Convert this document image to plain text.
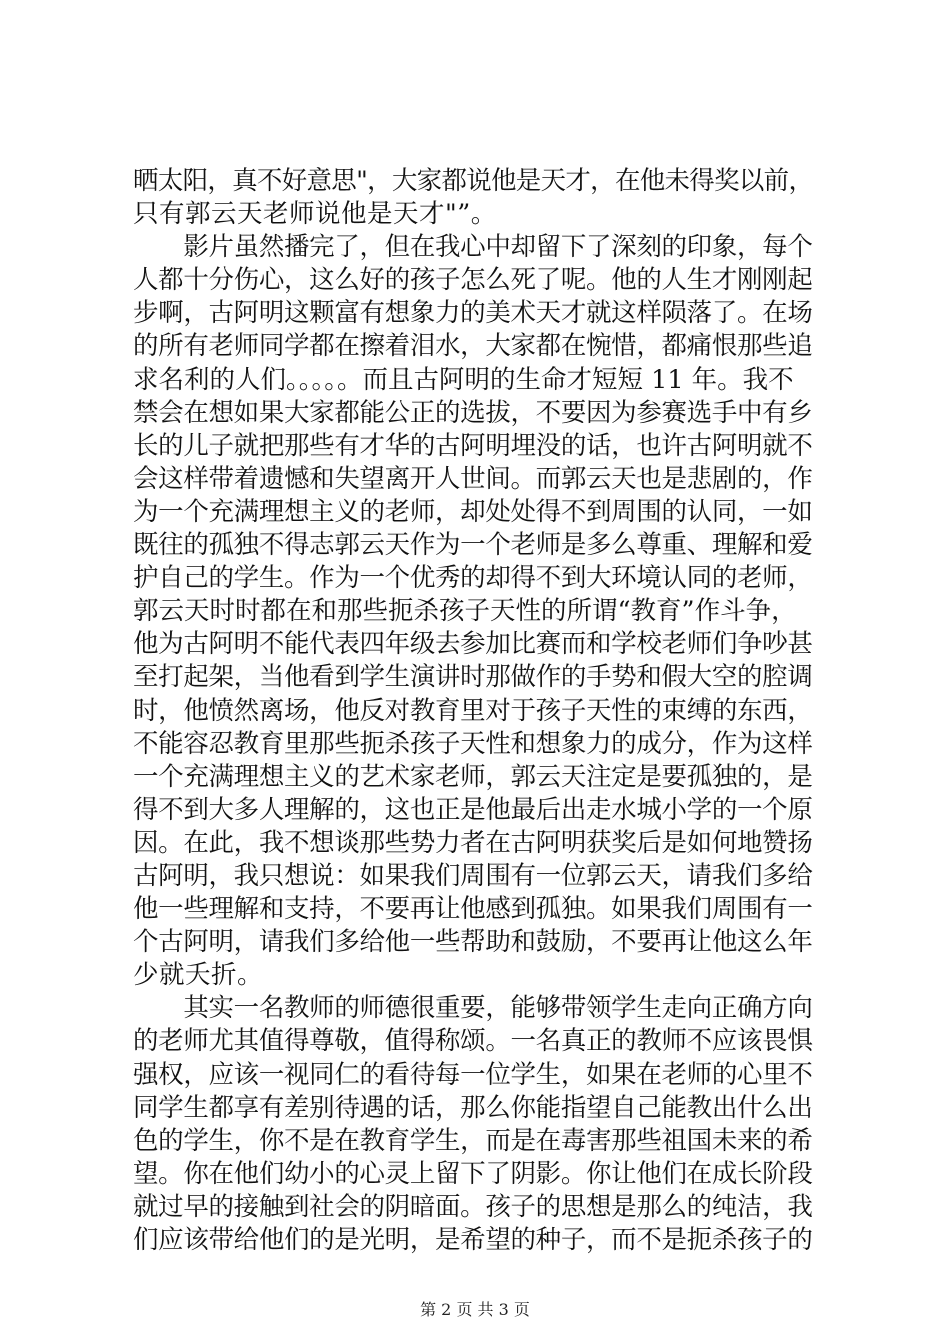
晒太阳，真不好意思"，大家都说他是天才，在他未得奖以前，
只有郭云天老师说他是天才"”。
　　影片虽然播完了，但在我心中却留下了深刻的印象，每个
人都十分伤心，这么好的孩子怎么死了呢。他的人生才刚刚起
步啊，古阿明这颗富有想象力的美术天才就这样陨落了。在场
的所有老师同学都在擦着泪水，大家都在惋惜，都痛恨那些追
求名利的人们。。。。。而且古阿明的生命才短短 11 年。我不
禁会在想如果大家都能公正的选拔，不要因为参赛选手中有乡
长的儿子就把那些有才华的古阿明埋没的话，也许古阿明就不
会这样带着遗憾和失望离开人世间。而郭云天也是悲剧的，作
为一个充满理想主义的老师，却处处得不到周围的认同，一如
既往的孤独不得志郭云天作为一个老师是多么尊重、理解和爱
护自己的学生。作为一个优秀的却得不到大环境认同的老师，
郭云天时时都在和那些扼杀孩子天性的所谓“教育”作斗争，
他为古阿明不能代表四年级去参加比赛而和学校老师们争吵甚
至打起架，当他看到学生演讲时那做作的手势和假大空的腔调
时，他愤然离场，他反对教育里对于孩子天性的束缚的东西，
不能容忍教育里那些扼杀孩子天性和想象力的成分，作为这样
一个充满理想主义的艺术家老师，郭云天注定是要孤独的，是
得不到大多人理解的，这也正是他最后出走水城小学的一个原
因。在此，我不想谈那些势力者在古阿明获奖后是如何地赞扬
古阿明，我只想说：如果我们周围有一位郭云天，请我们多给
他一些理解和支持，不要再让他感到孤独。如果我们周围有一
个古阿明，请我们多给他一些帮助和鼓励，不要再让他这么年
少就夭折。
　　其实一名教师的师德很重要，能够带领学生走向正确方向
的老师尤其值得尊敬，值得称颂。一名真正的教师不应该畏惧
强权，应该一视同仁的看待每一位学生，如果在老师的心里不
同学生都享有差别待遇的话，那么你能指望自己能教出什么出
色的学生，你不是在教育学生，而是在毒害那些祖国未来的希
望。你在他们幼小的心灵上留下了阴影。你让他们在成长阶段
就过早的接触到社会的阴暗面。孩子的思想是那么的纯洁，我
们应该带给他们的是光明，是希望的种子，而不是扼杀孩子的
第 2 页 共 3 页
